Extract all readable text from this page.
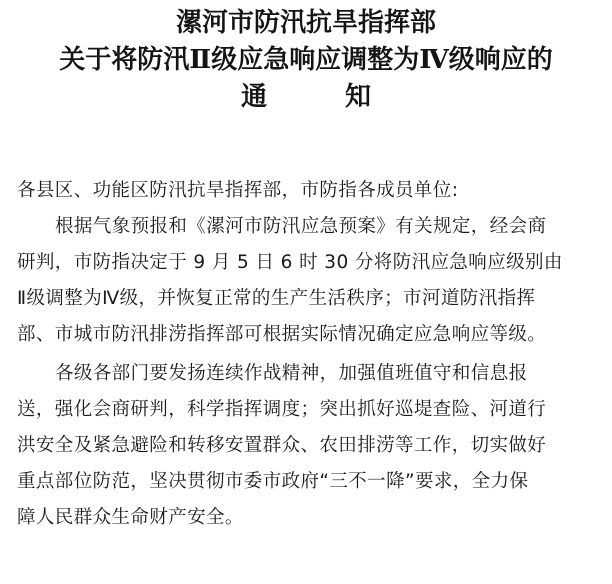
漯河市防汛抗旱指挥部
关于将防汛Ⅱ级应急响应调整为Ⅳ级响应的
通	知

各县区、功能区防汛抗旱指挥部，市防指各成员单位:

根据气象预报和《漯河市防汛应急预案》有关规定，经会商
研判，市防指决定于 9 月 5 日 6 时 30 分将防汛应急响应级别由
Ⅱ级调整为Ⅳ级，并恢复正常的生产生活秩序；市河道防汛指挥
部、市城市防汛排涝指挥部可根据实际情况确定应急响应等级。
各级各部门要发扬连续作战精神，加强值班值守和信息报
送，强化会商研判，科学指挥调度；突出抓好巡堤查险、河道行
洪安全及紧急避险和转移安置群众、农田排涝等工作，切实做好
重点部位防范，坚决贯彻市委市政府“三不一降”要求，全力保
障人民群众生命财产安全。
